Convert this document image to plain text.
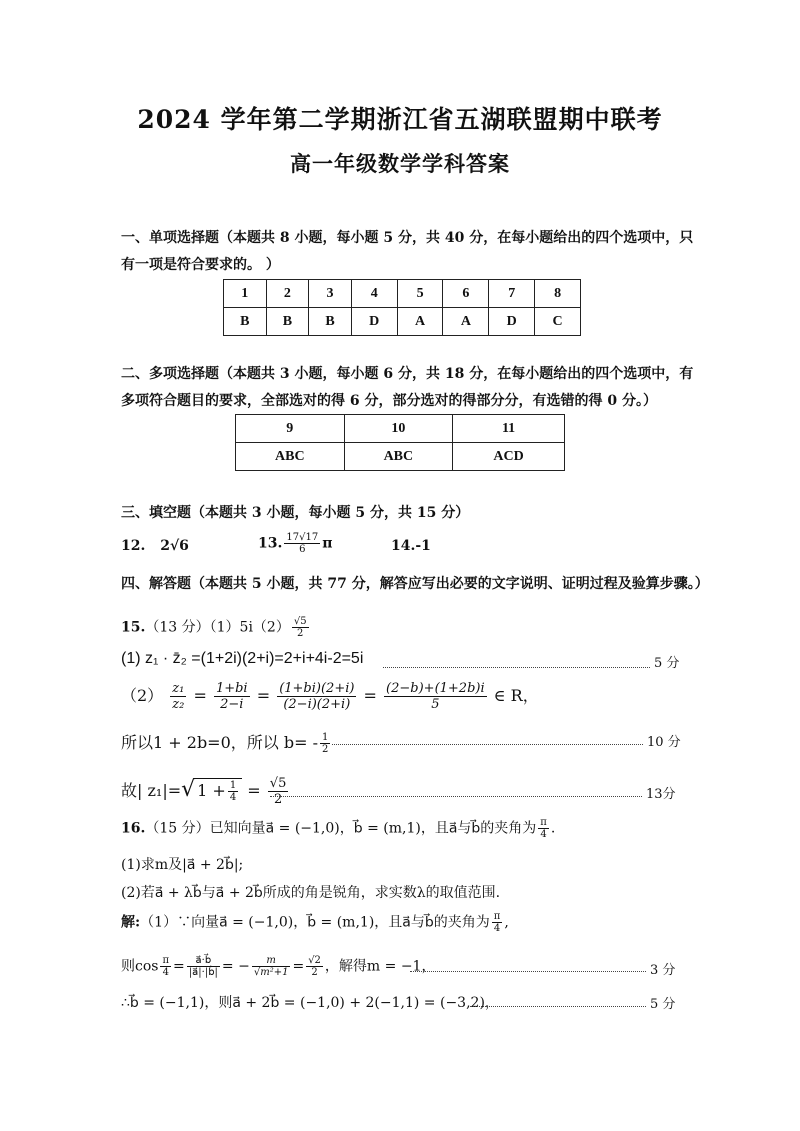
2024 学年第二学期浙江省五湖联盟期中联考
高一年级数学学科答案
一、单项选择题（本题共 8 小题，每小题 5 分，共 40 分，在每小题给出的四个选项中，只
有一项是符合要求的。 ）
1	2	3	4	5	6	7	8
B	B	B	D	A	A	D	C
二、多项选择题（本题共 3 小题，每小题 6 分，共 18 分，在每小题给出的四个选项中，有
多项符合题目的要求，全部选对的得 6 分，部分选对的得部分分，有选错的得 0 分。）
9	10	11
ABC	ABC	ACD
三、填空题（本题共 3 小题，每小题 5 分，共 15 分）
12. 2√6	13. $\frac{17√17}{6}$ π	14.-1
四、解答题（本题共 5 小题，共 77 分，解答应写出必要的文字说明、证明过程及验算步骤。）
15.（13 分）$(1)5i(2) \frac{√5}{2}$
(1) z₁ · z̄₂ =(1+2i)(2+i)=2+i+4i-2=5i	5 分
$(2) \frac{\text{z₁}}{\text{z₂}} = \frac{1+bi}{2-i} = \frac{(1+bi)(2+i)}{(2-i)(2+i)} = \frac{(2-b)+(1+2b)i}{5}$ ∈ R，
所以1 + 2b=0，所以 $b= - \frac{1}{2}$	10 分
故| z₁|=√ $1 + \frac{1}{4} = \frac{√5}{2}$	13分
16.（15 分）已知向量a⃗ = (−1,0)，b⃗ = (m,1)，且a⃗与b⃗的夹角为 $\frac{\pi}{4}$ .
(1)求m及|a⃗ + 2b⃗|;
(2)若a⃗ + λb⃗与a⃗ + 2b⃗所成的角是锐角，求实数λ的取值范围.
解:（1）∵向量a⃗ = (−1,0)，b⃗ = (m,1)，且a⃗与b⃗的夹角为 $\frac{\pi}{4}$ ,
则$\cos \frac{\pi}{4} = \frac{a⃗\cdot b⃗}{|a⃗|\cdot|b⃗|}$ = − $\frac{m}{\text{√m²+1}} = \frac{√2}{2}$ ，解得m = −1，	3 分
∴b⃗ = (−1,1)，则a⃗ + 2b⃗ = (−1,0) + 2(−1,1) = (−3,2)，	5 分
